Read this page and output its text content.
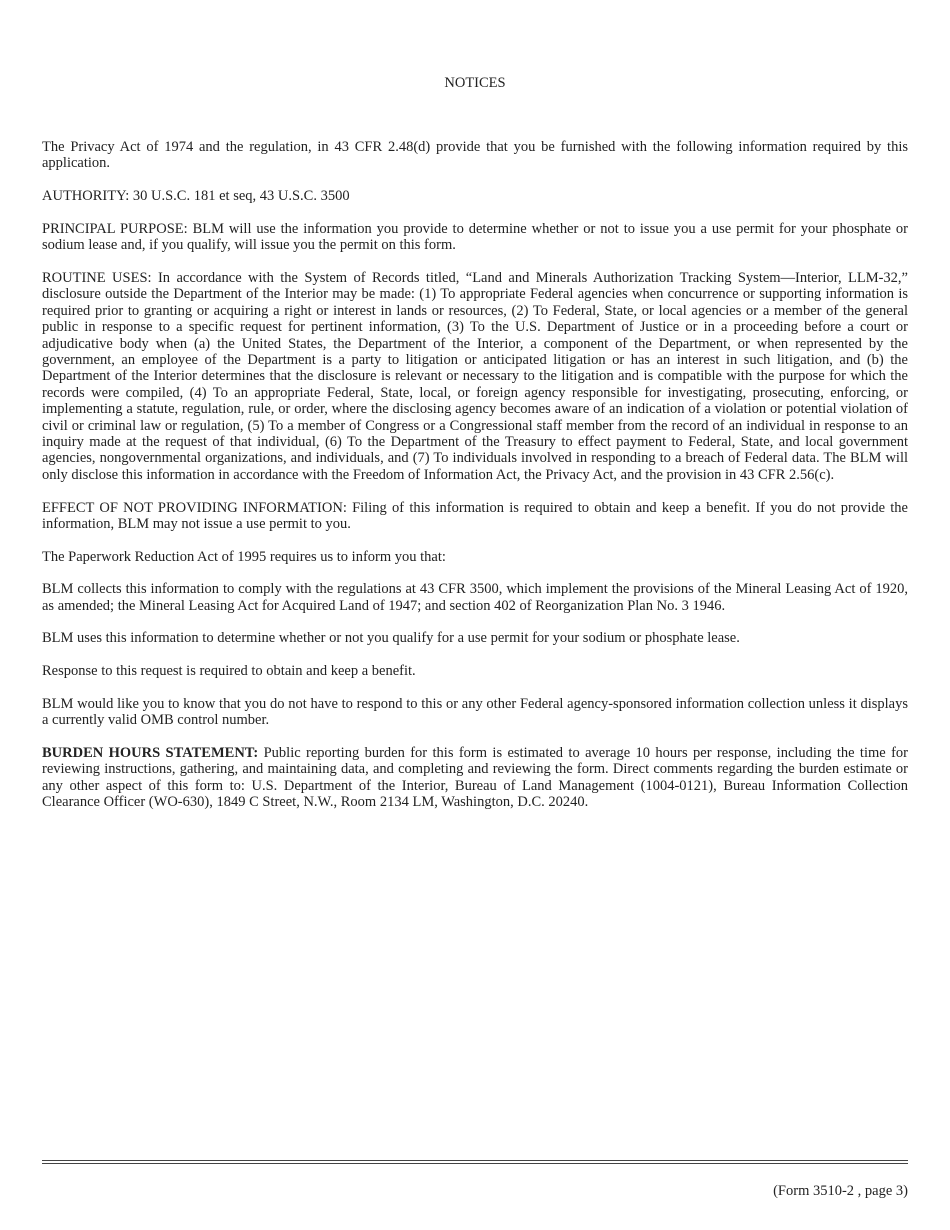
NOTICES

The Privacy Act of 1974 and the regulation, in 43 CFR 2.48(d) provide that you be furnished with the following information required by this application.

AUTHORITY: 30 U.S.C. 181 et seq, 43 U.S.C. 3500

PRINCIPAL PURPOSE: BLM will use the information you provide to determine whether or not to issue you a use permit for your phosphate or sodium lease and, if you qualify, will issue you the permit on this form.

ROUTINE USES: In accordance with the System of Records titled, “Land and Minerals Authorization Tracking System—Interior, LLM-32,” disclosure outside the Department of the Interior may be made: (1) To appropriate Federal agencies when concurrence or supporting information is required prior to granting or acquiring a right or interest in lands or resources, (2) To Federal, State, or local agencies or a member of the general public in response to a specific request for pertinent information, (3) To the U.S. Department of Justice or in a proceeding before a court or adjudicative body when (a) the United States, the Department of the Interior, a component of the Department, or when represented by the government, an employee of the Department is a party to litigation or anticipated litigation or has an interest in such litigation, and (b) the Department of the Interior determines that the disclosure is relevant or necessary to the litigation and is compatible with the purpose for which the records were compiled, (4) To an appropriate Federal, State, local, or foreign agency responsible for investigating, prosecuting, enforcing, or implementing a statute, regulation, rule, or order, where the disclosing agency becomes aware of an indication of a violation or potential violation of civil or criminal law or regulation, (5) To a member of Congress or a Congressional staff member from the record of an individual in response to an inquiry made at the request of that individual, (6) To the Department of the Treasury to effect payment to Federal, State, and local government agencies, nongovernmental organizations, and individuals, and (7) To individuals involved in responding to a breach of Federal data. The BLM will only disclose this information in accordance with the Freedom of Information Act, the Privacy Act, and the provision in 43 CFR 2.56(c).

EFFECT OF NOT PROVIDING INFORMATION: Filing of this information is required to obtain and keep a benefit. If you do not provide the information, BLM may not issue a use permit to you.

The Paperwork Reduction Act of 1995 requires us to inform you that:

BLM collects this information to comply with the regulations at 43 CFR 3500, which implement the provisions of the Mineral Leasing Act of 1920, as amended; the Mineral Leasing Act for Acquired Land of 1947; and section 402 of Reorganization Plan No. 3 1946.

BLM uses this information to determine whether or not you qualify for a use permit for your sodium or phosphate lease.

Response to this request is required to obtain and keep a benefit.

BLM would like you to know that you do not have to respond to this or any other Federal agency-sponsored information collection unless it displays a currently valid OMB control number.

BURDEN HOURS STATEMENT: Public reporting burden for this form is estimated to average 10 hours per response, including the time for reviewing instructions, gathering, and maintaining data, and completing and reviewing the form. Direct comments regarding the burden estimate or any other aspect of this form to: U.S. Department of the Interior, Bureau of Land Management (1004-0121), Bureau Information Collection Clearance Officer (WO-630), 1849 C Street, N.W., Room 2134 LM, Washington, D.C. 20240.

(Form 3510-2 , page 3)
